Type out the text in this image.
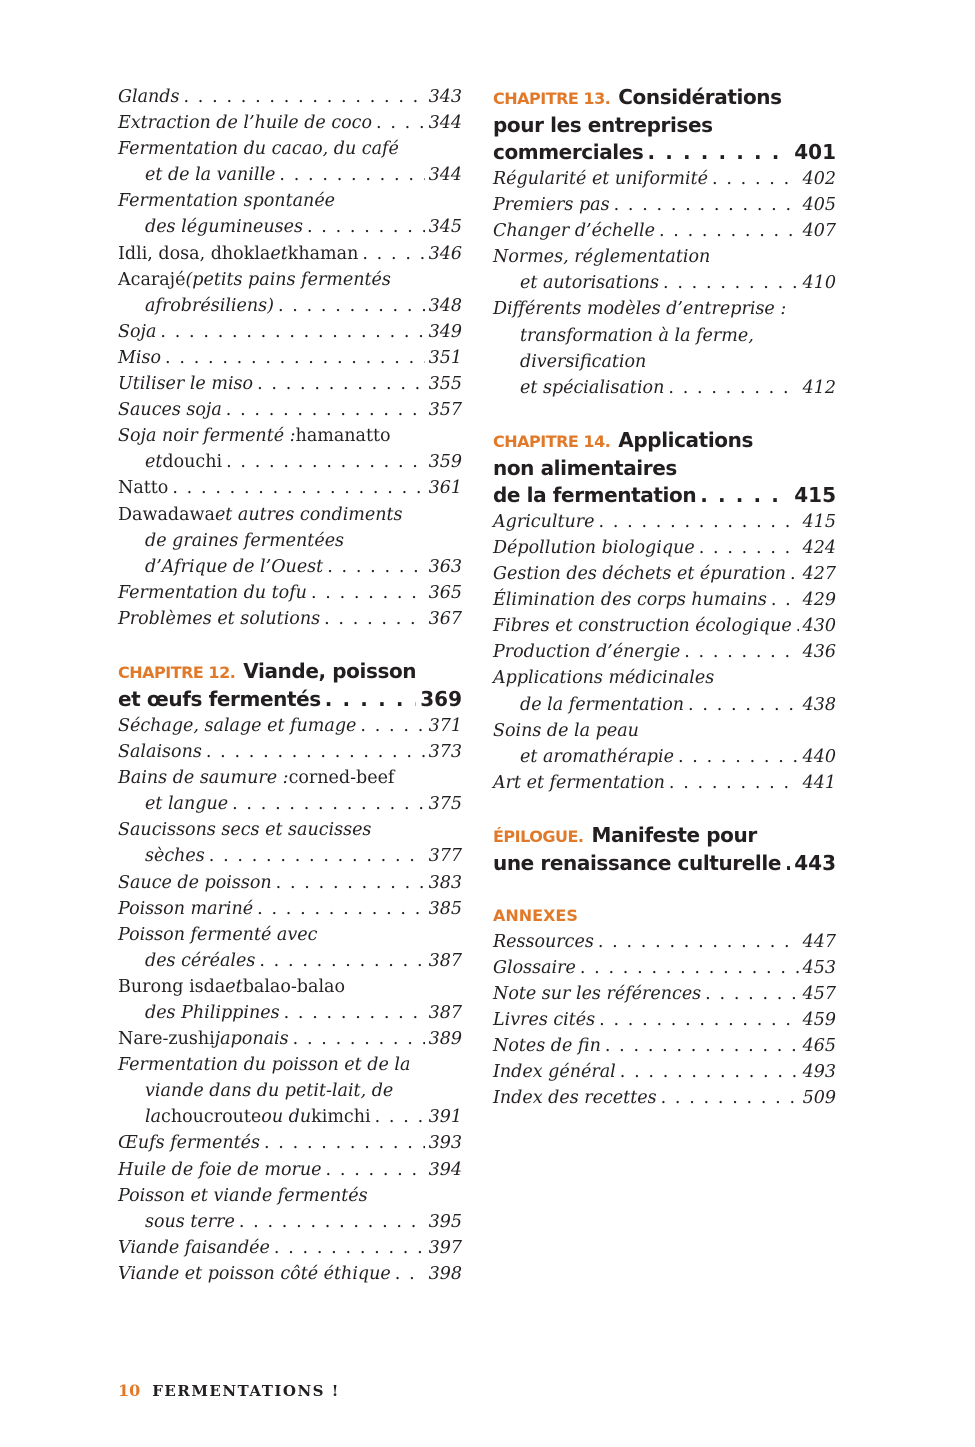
Glands . . .	343
Extraction de l’huile de coco . . .	344
Fermentation du cacao, du café
et de la vanille . . .	344
Fermentation spontanée
des légumineuses . . .	345
Idli, dosa, dhokla et khaman . . .	346
Acarajé (petits pains fermentés
afrobrésiliens) . . .	348
Soja . . .	349
Miso . . .	351
Utiliser le miso . . .	355
Sauces soja . . .	357
Soja noir fermenté : hamanatto
et douchi . . .	359
Natto . . .	361
Dawadawa et autres condiments
de graines fermentées
d’Afrique de l’Ouest . . .	363
Fermentation du tofu . . .	365
Problèmes et solutions . . .	367
CHAPITRE 12. Viande, poisson
et œufs fermentés . . .	369
Séchage, salage et fumage . . .	371
Salaisons . . .	373
Bains de saumure : corned-beef
et langue . . .	375
Saucissons secs et saucisses
sèches . . .	377
Sauce de poisson . . .	383
Poisson mariné . . .	385
Poisson fermenté avec
des céréales . . .	387
Burong isda et balao-balao
des Philippines . . .	387
Nare-zushi japonais . . .	389
Fermentation du poisson et de la
viande dans du petit-lait, de
la choucroute ou du kimchi . . .	391
Œufs fermentés . . .	393
Huile de foie de morue . . .	394
Poisson et viande fermentés
sous terre . . .	395
Viande faisandée . . .	397
Viande et poisson côté éthique . . . 398
CHAPITRE 13. Considérations
pour les entreprises
commerciales . . .	401
Régularité et uniformité . . .	402
Premiers pas . . .	405
Changer d’échelle . . .	407
Normes, réglementation
et autorisations . . .	410
Différents modèles d’entreprise :
transformation à la ferme,
diversification
et spécialisation . . .	412
CHAPITRE 14. Applications
non alimentaires
de la fermentation . . .	415
Agriculture . . .	415
Dépollution biologique . . .	424
Gestion des déchets et épuration . . . 427
Élimination des corps humains . . . 429
Fibres et construction écologique . . . 430
Production d’énergie . . .	436
Applications médicinales
de la fermentation . . .	438
Soins de la peau
et aromathérapie . . .	440
Art et fermentation . . .	441
ÉPILOGUE. Manifeste pour
une renaissance culturelle . . . 443
ANNEXES
Ressources . . .	447
Glossaire . . .	453
Note sur les références . . .	457
Livres cités . . .	459
Notes de fin . . .	465
Index général . . .	493
Index des recettes . . .	509
10 FERMENTATIONS !
